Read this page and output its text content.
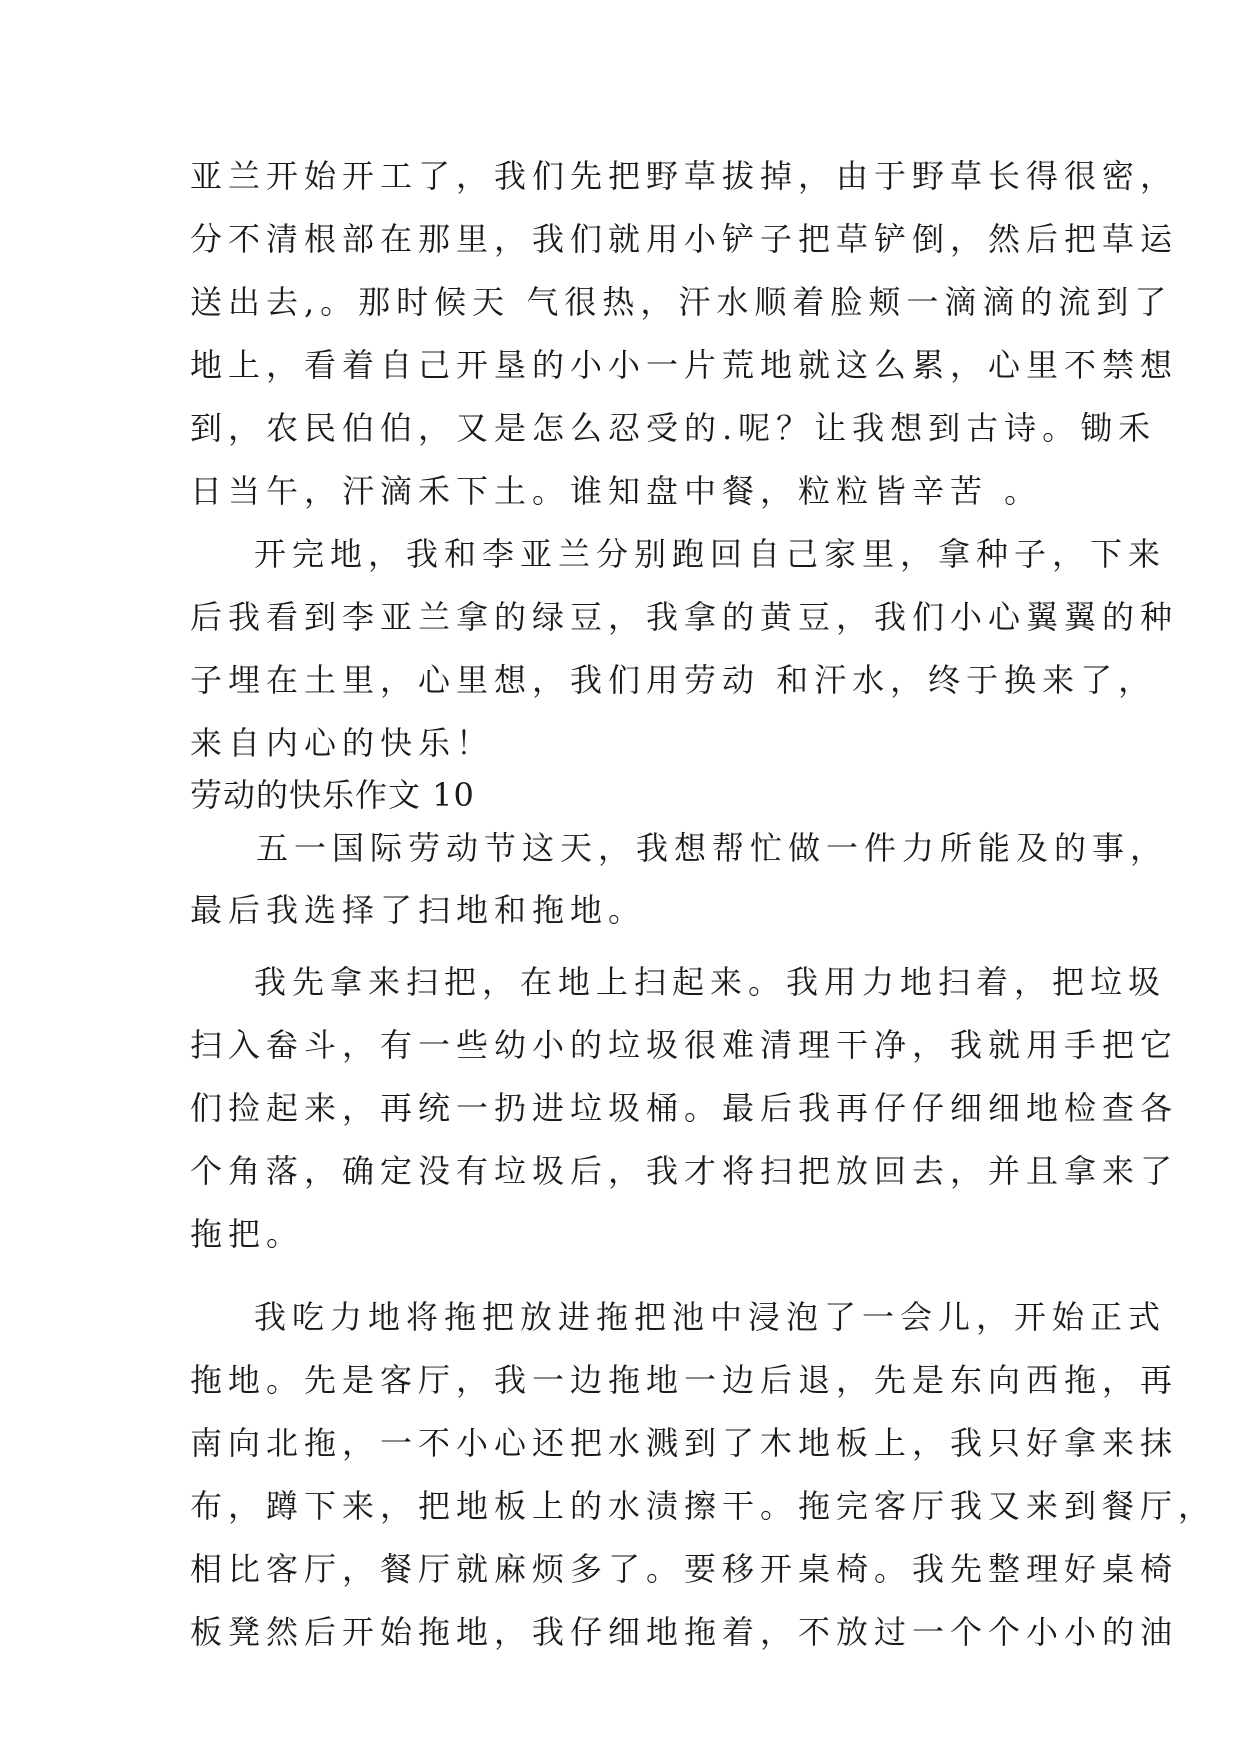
亚兰开始开工了，我们先把野草拔掉，由于野草长得很密，
分不清根部在那里，我们就用小铲子把草铲倒，然后把草运
送出去,。那时候天 气很热，汗水顺着脸颊一滴滴的流到了
地上，看着自己开垦的小小一片荒地就这么累，心里不禁想
到，农民伯伯，又是怎么忍受的.呢？让我想到古诗。锄禾
日当午，汗滴禾下土。谁知盘中餐，粒粒皆辛苦 。
开完地，我和李亚兰分别跑回自己家里，拿种子，下来
后我看到李亚兰拿的绿豆，我拿的黄豆，我们小心翼翼的种
子埋在土里，心里想，我们用劳动 和汗水，终于换来了，
来自内心的快乐！
劳动的快乐作文 10
五一国际劳动节这天，我想帮忙做一件力所能及的事，
最后我选择了扫地和拖地。
我先拿来扫把，在地上扫起来。我用力地扫着，把垃圾
扫入畚斗，有一些幼小的垃圾很难清理干净，我就用手把它
们捡起来，再统一扔进垃圾桶。最后我再仔仔细细地检查各
个角落，确定没有垃圾后，我才将扫把放回去，并且拿来了
拖把。
我吃力地将拖把放进拖把池中浸泡了一会儿，开始正式
拖地。先是客厅，我一边拖地一边后退，先是东向西拖，再
南向北拖，一不小心还把水溅到了木地板上，我只好拿来抹
布，蹲下来，把地板上的水渍擦干。拖完客厅我又来到餐厅，
相比客厅，餐厅就麻烦多了。要移开桌椅。我先整理好桌椅
板凳然后开始拖地，我仔细地拖着，不放过一个个小小的油
